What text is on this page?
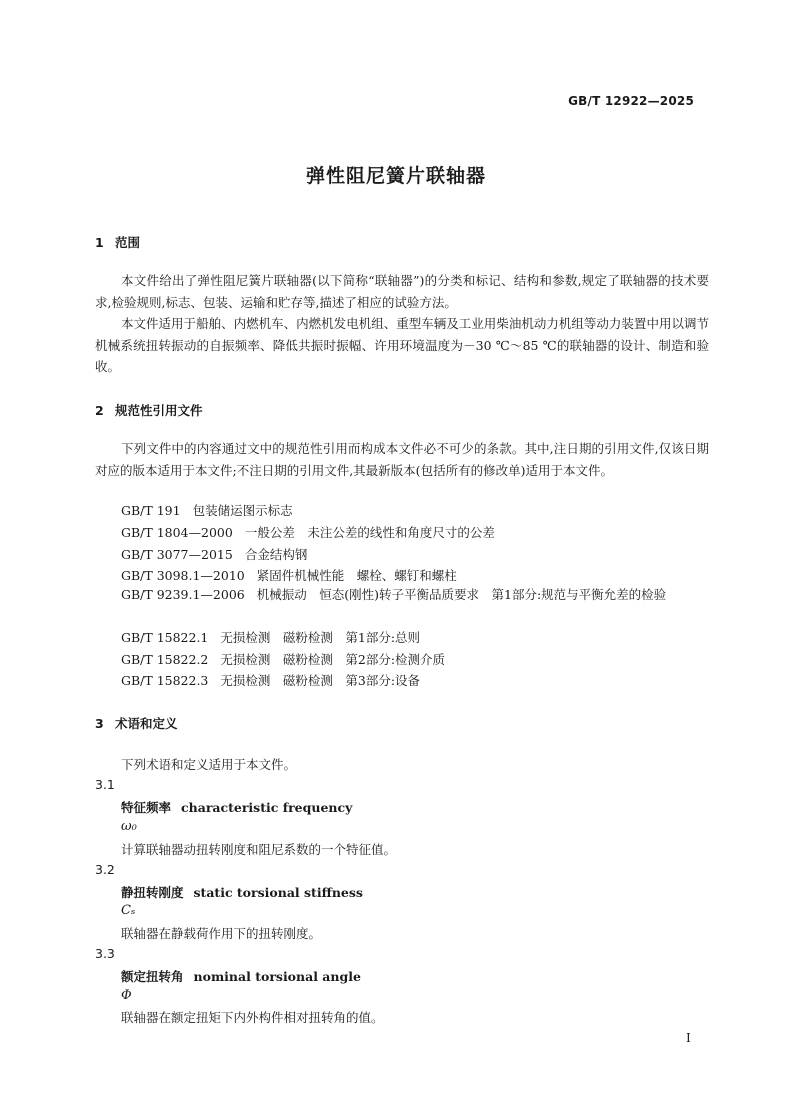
GB/T 12922—2025
弹性阻尼簧片联轴器
1 范围
本文件给出了弹性阻尼簧片联轴器(以下简称“联轴器”)的分类和标记、结构和参数,规定了联轴器的技术要求,检验规则,标志、包装、运输和贮存等,描述了相应的试验方法。
本文件适用于船舶、内燃机车、内燃机发电机组、重型车辆及工业用柴油机动力机组等动力装置中用以调节机械系统扭转振动的自振频率、降低共振时振幅、许用环境温度为－30 ℃～85 ℃的联轴器的设计、制造和验收。
2 规范性引用文件
下列文件中的内容通过文中的规范性引用而构成本文件必不可少的条款。其中,注日期的引用文件,仅该日期对应的版本适用于本文件;不注日期的引用文件,其最新版本(包括所有的修改单)适用于本文件。
GB/T 191 包装储运图示标志
GB/T 1804—2000 一般公差　未注公差的线性和角度尺寸的公差
GB/T 3077—2015 合金结构钢
GB/T 3098.1—2010 紧固件机械性能　螺栓、螺钉和螺柱
GB/T 9239.1—2006 机械振动　恒态(刚性)转子平衡品质要求　第1部分:规范与平衡允差的检验
GB/T 15822.1 无损检测　磁粉检测　第1部分:总则
GB/T 15822.2 无损检测　磁粉检测　第2部分:检测介质
GB/T 15822.3 无损检测　磁粉检测　第3部分:设备
3 术语和定义
下列术语和定义适用于本文件。
3.1
特征频率 characteristic frequency
ω₀
计算联轴器动扭转刚度和阻尼系数的一个特征值。
3.2
静扭转刚度 static torsional stiffness
Cₛ
联轴器在静载荷作用下的扭转刚度。
3.3
额定扭转角 nominal torsional angle
Φ
联轴器在额定扭矩下内外构件相对扭转角的值。
I
